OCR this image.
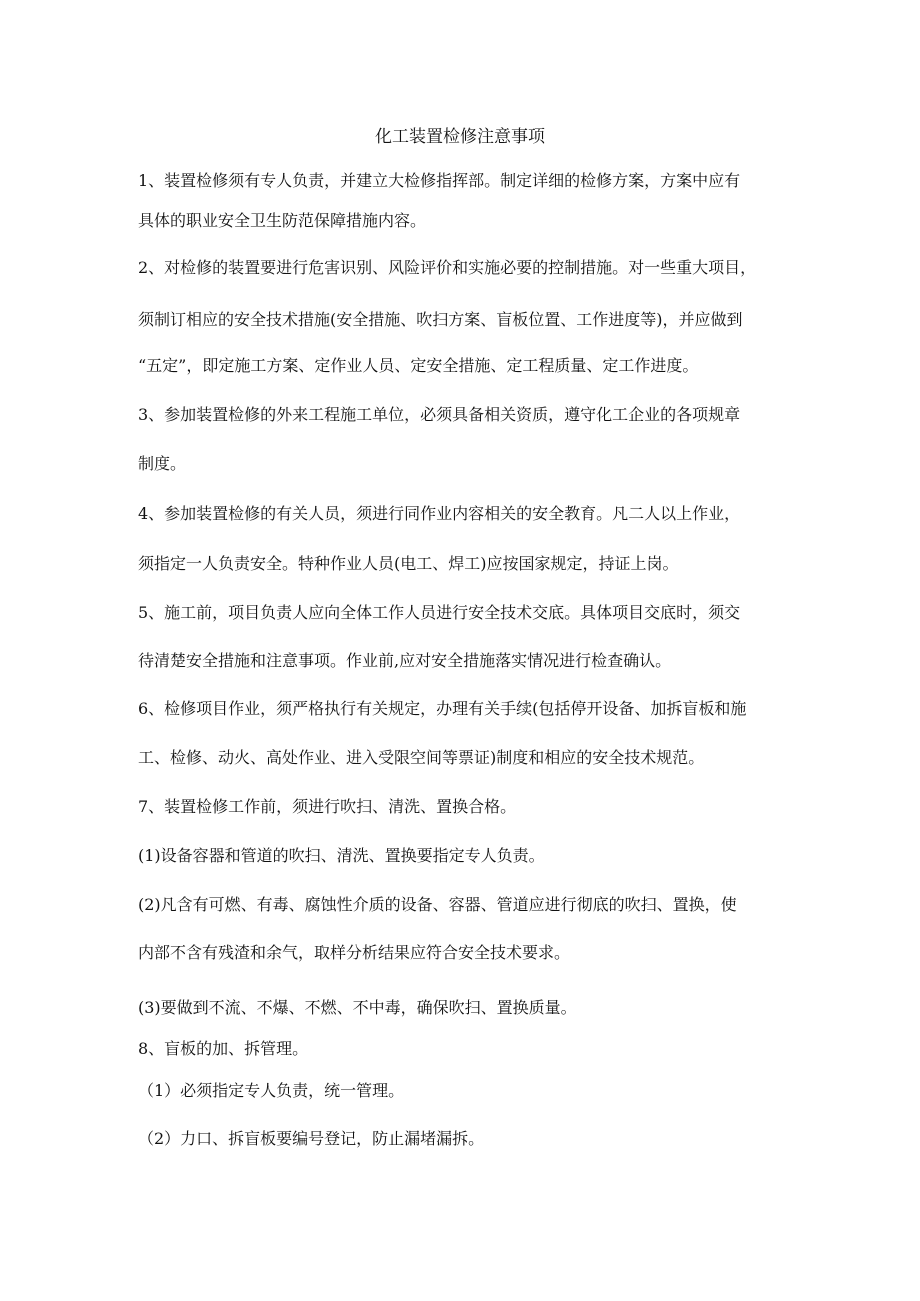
化工装置检修注意事项
1、装置检修须有专人负责，并建立大检修指挥部。制定详细的检修方案，方案中应有
具体的职业安全卫生防范保障措施内容。
2、对检修的装置要进行危害识别、风险评价和实施必要的控制措施。对一些重大项目，
须制订相应的安全技术措施(安全措施、吹扫方案、盲板位置、工作进度等)，并应做到
“五定”，即定施工方案、定作业人员、定安全措施、定工程质量、定工作进度。
3、参加装置检修的外来工程施工单位，必须具备相关资质，遵守化工企业的各项规章
制度。
4、参加装置检修的有关人员，须进行同作业内容相关的安全教育。凡二人以上作业，
须指定一人负责安全。特种作业人员(电工、焊工)应按国家规定，持证上岗。
5、施工前，项目负责人应向全体工作人员进行安全技术交底。具体项目交底时，须交
待清楚安全措施和注意事项。作业前,应对安全措施落实情况进行检查确认。
6、检修项目作业，须严格执行有关规定，办理有关手续(包括停开设备、加拆盲板和施
工、检修、动火、高处作业、进入受限空间等票证)制度和相应的安全技术规范。
7、装置检修工作前，须进行吹扫、清洗、置换合格。
(1)设备容器和管道的吹扫、清洗、置换要指定专人负责。
(2)凡含有可燃、有毒、腐蚀性介质的设备、容器、管道应进行彻底的吹扫、置换，使
内部不含有残渣和余气，取样分析结果应符合安全技术要求。
(3)要做到不流、不爆、不燃、不中毒，确保吹扫、置换质量。
8、盲板的加、拆管理。
（1）必须指定专人负责，统一管理。
（2）力口、拆盲板要编号登记，防止漏堵漏拆。
